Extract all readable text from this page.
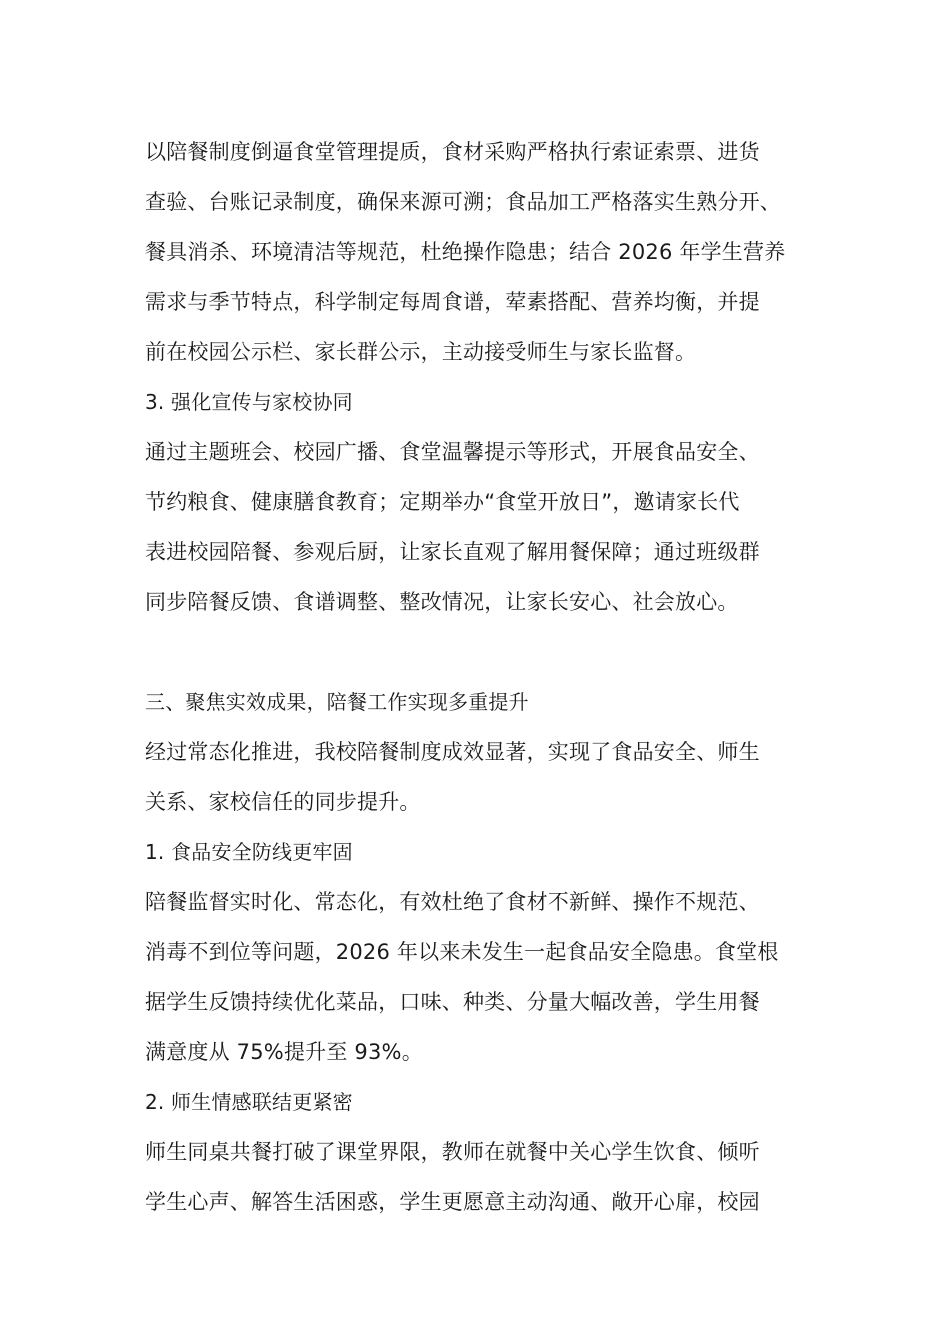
以陪餐制度倒逼食堂管理提质，食材采购严格执行索证索票、进货
查验、台账记录制度，确保来源可溯；食品加工严格落实生熟分开、
餐具消杀、环境清洁等规范，杜绝操作隐患；结合 2026 年学生营养
需求与季节特点，科学制定每周食谱，荤素搭配、营养均衡，并提
前在校园公示栏、家长群公示，主动接受师生与家长监督。
3. 强化宣传与家校协同
通过主题班会、校园广播、食堂温馨提示等形式，开展食品安全、
节约粮食、健康膳食教育；定期举办“食堂开放日”，邀请家长代
表进校园陪餐、参观后厨，让家长直观了解用餐保障；通过班级群
同步陪餐反馈、食谱调整、整改情况，让家长安心、社会放心。
三、聚焦实效成果，陪餐工作实现多重提升
经过常态化推进，我校陪餐制度成效显著，实现了食品安全、师生
关系、家校信任的同步提升。
1. 食品安全防线更牢固
陪餐监督实时化、常态化，有效杜绝了食材不新鲜、操作不规范、
消毒不到位等问题，2026 年以来未发生一起食品安全隐患。食堂根
据学生反馈持续优化菜品，口味、种类、分量大幅改善，学生用餐
满意度从 75%提升至 93%。
2. 师生情感联结更紧密
师生同桌共餐打破了课堂界限，教师在就餐中关心学生饮食、倾听
学生心声、解答生活困惑，学生更愿意主动沟通、敞开心扉，校园
